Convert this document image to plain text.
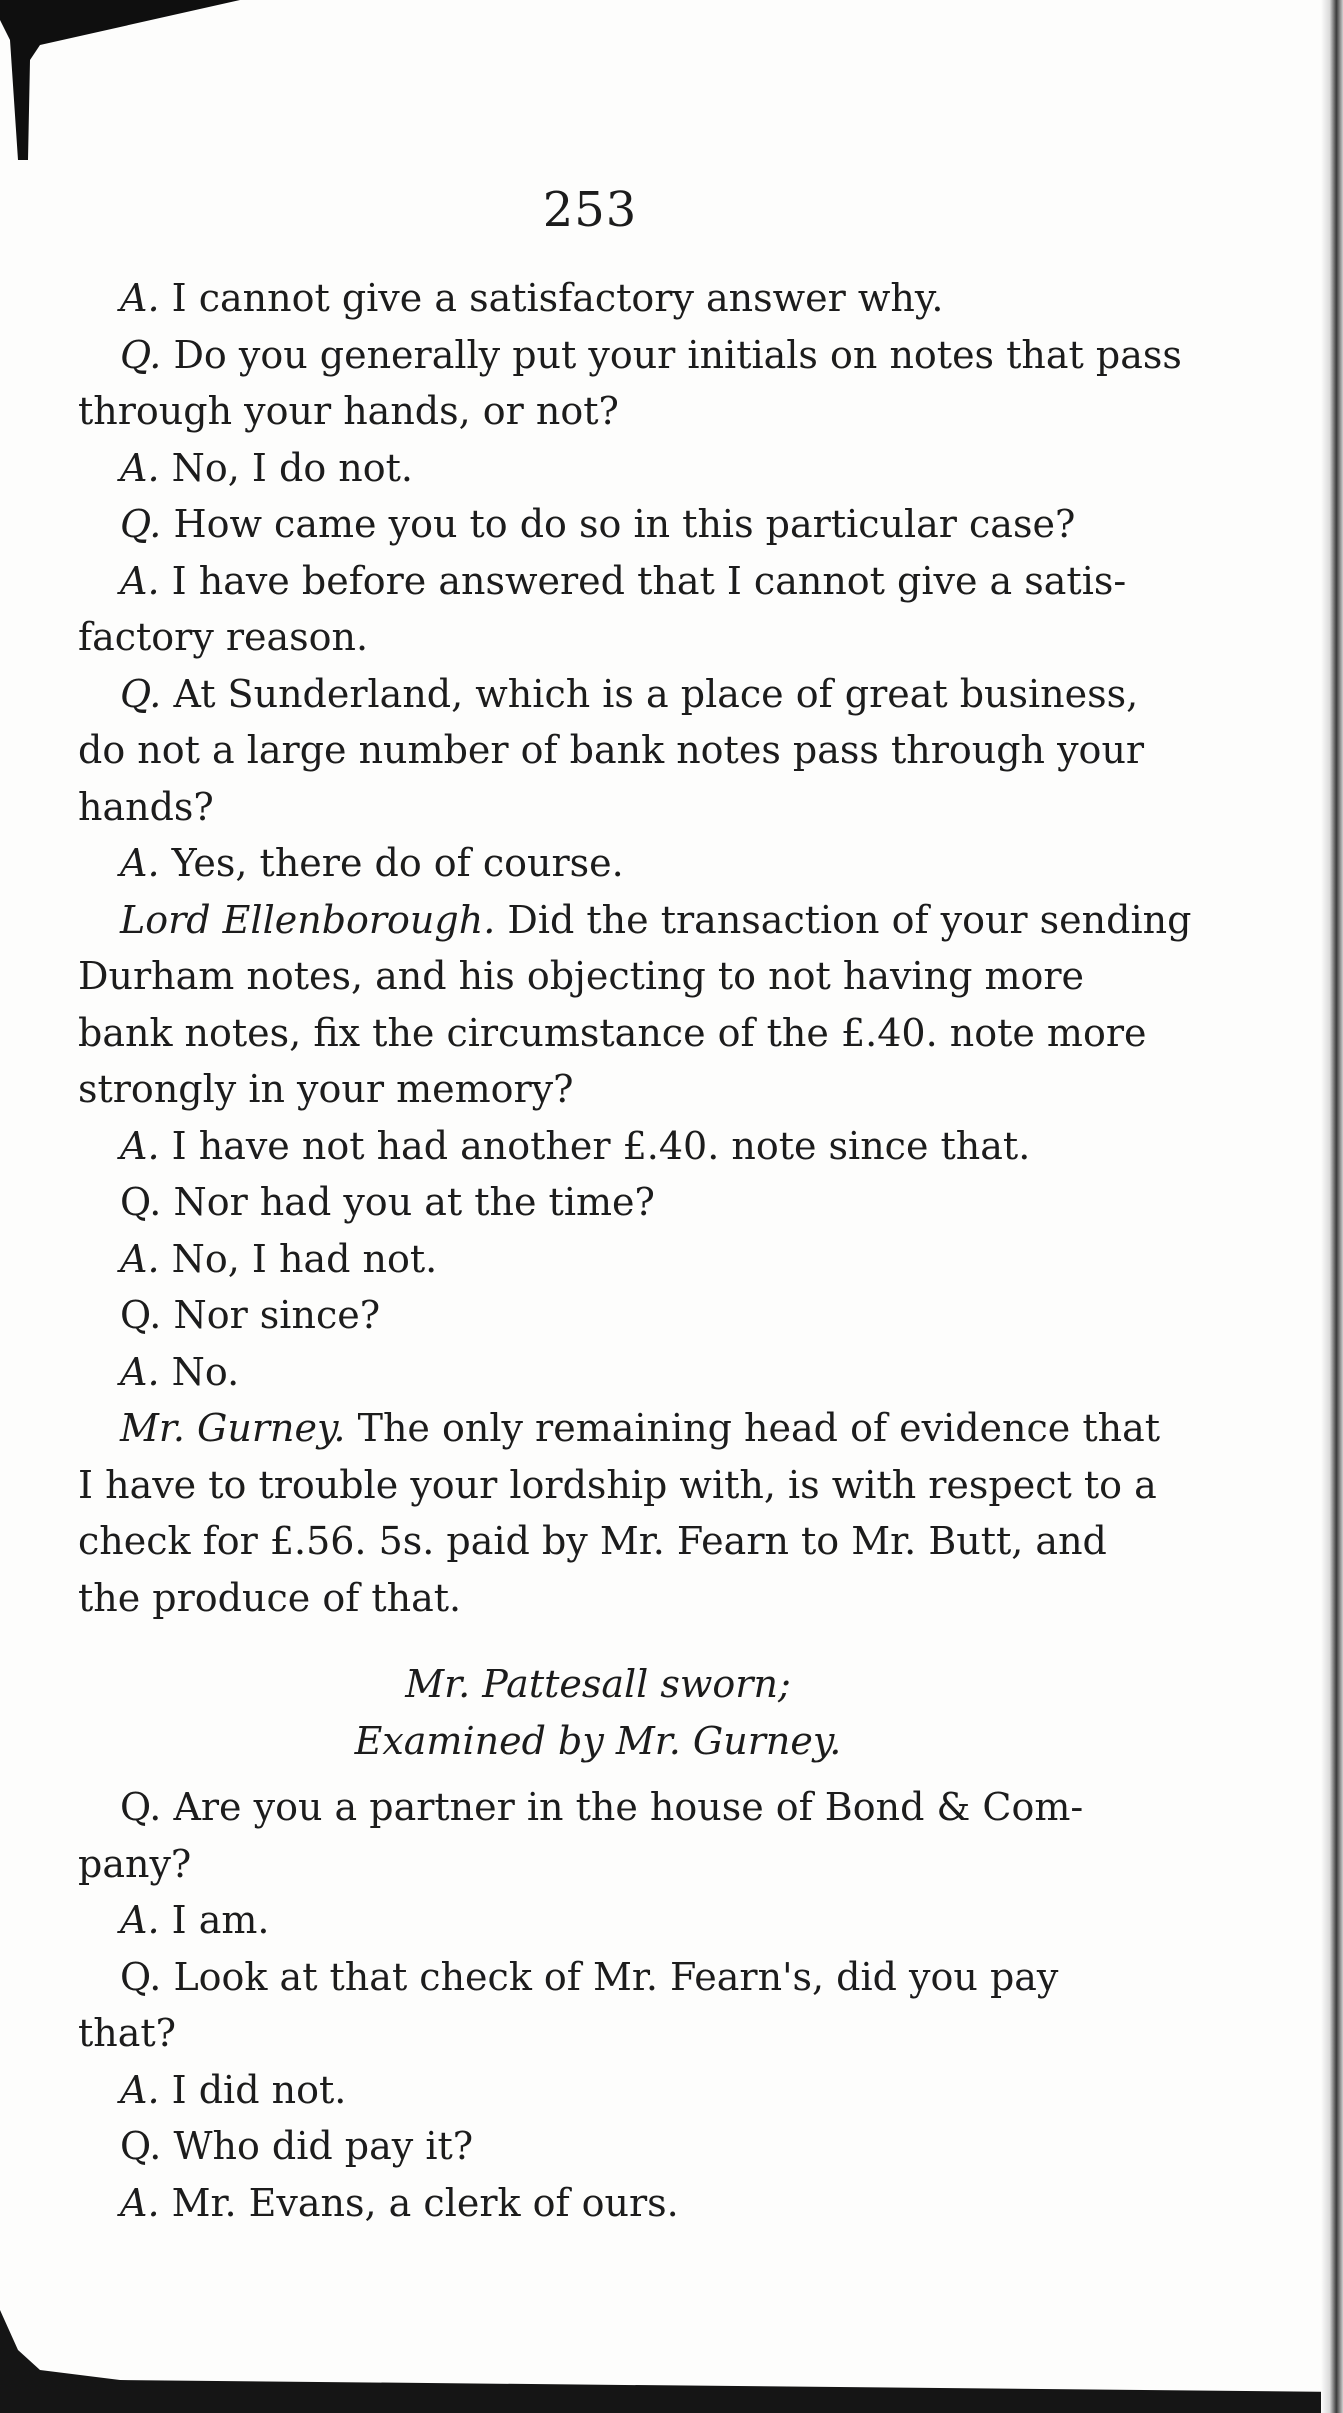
253
A. I cannot give a satisfactory answer why.
Q. Do you generally put your initials on notes that pass
through your hands, or not?
A. No, I do not.
Q. How came you to do so in this particular case?
A. I have before answered that I cannot give a satis-
factory reason.
Q. At Sunderland, which is a place of great business,
do not a large number of bank notes pass through your
hands?
A. Yes, there do of course.
Lord Ellenborough. Did the transaction of your sending
Durham notes, and his objecting to not having more
bank notes, fix the circumstance of the £.40. note more
strongly in your memory?
A. I have not had another £.40. note since that.
Q. Nor had you at the time?
A. No, I had not.
Q. Nor since?
A. No.
Mr. Gurney. The only remaining head of evidence that
I have to trouble your lordship with, is with respect to a
check for £.56. 5s. paid by Mr. Fearn to Mr. Butt, and
the produce of that.
Mr. Pattesall sworn;
Examined by Mr. Gurney.
Q. Are you a partner in the house of Bond & Com-
pany?
A. I am.
Q. Look at that check of Mr. Fearn's, did you pay
that?
A. I did not.
Q. Who did pay it?
A. Mr. Evans, a clerk of ours.
